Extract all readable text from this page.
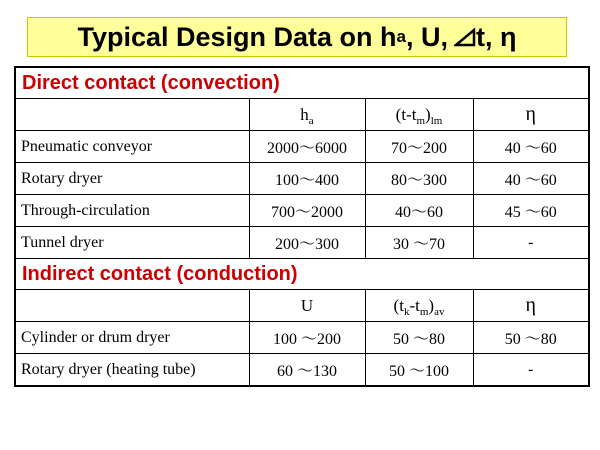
Typical Design Data on h a , U, t, η
Direct contact (convection)			
	$h_a$	$(t-t_m)_{lm}$	η
Pneumatic conveyor	2000～6000	70～200	40 ～60
Rotary dryer	100～400	80～300	40 ～60
Through-circulation	700～2000	40～60	45 ～60
Tunnel dryer	200～300	30 ～70	-
Indirect contact (conduction)			
	U	$(t_k-t_m)_{av}$	η
Cylinder or drum dryer	100 ～200	50 ～80	50 ～80
Rotary dryer (heating tube)	60 ～130	50 ～100	-
